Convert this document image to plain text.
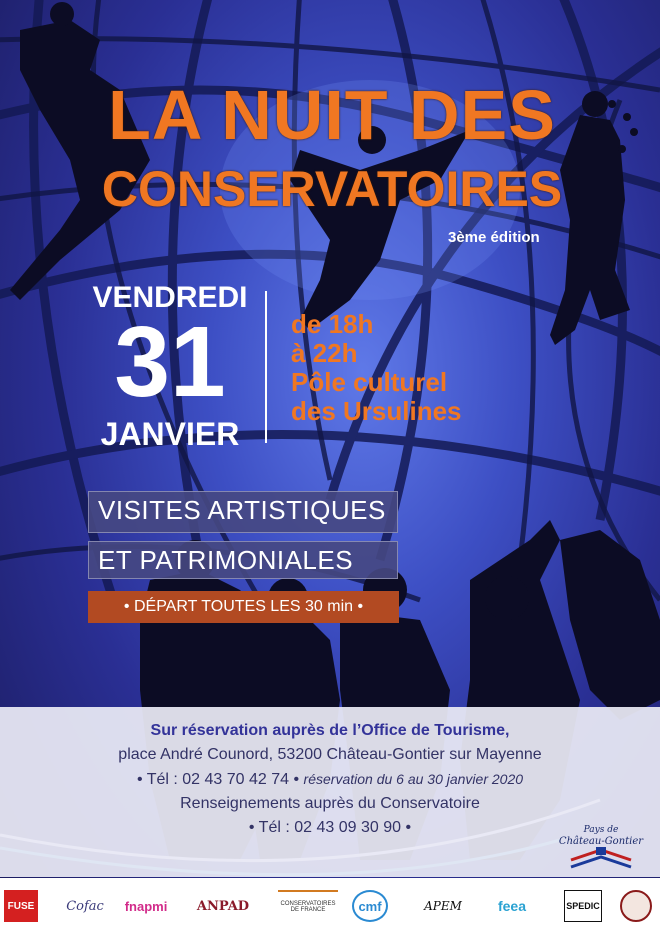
LA NUIT DES
CONSERVATOIRES
3ème édition
VENDREDI
31
JANVIER
de 18h
à 22h
Pôle culturel
des Ursulines
VISITES ARTISTIQUES
ET PATRIMONIALES
• DÉPART TOUTES LES 30 min •
Sur réservation auprès de l’Office de Tourisme,
place André Counord, 53200 Château-Gontier sur Mayenne
• Tél : 02 43 70 42 74 • réservation du 6 au 30 janvier 2020
Renseignements auprès du Conservatoire
• Tél : 02 43 09 30 90 •	Pays de
Château-Gontier
FUSE	Cofac	fnapmi	ANPAD	CONSERVATOIRES DE FRANCE	cmf	APEM	feea	SPEDIC
